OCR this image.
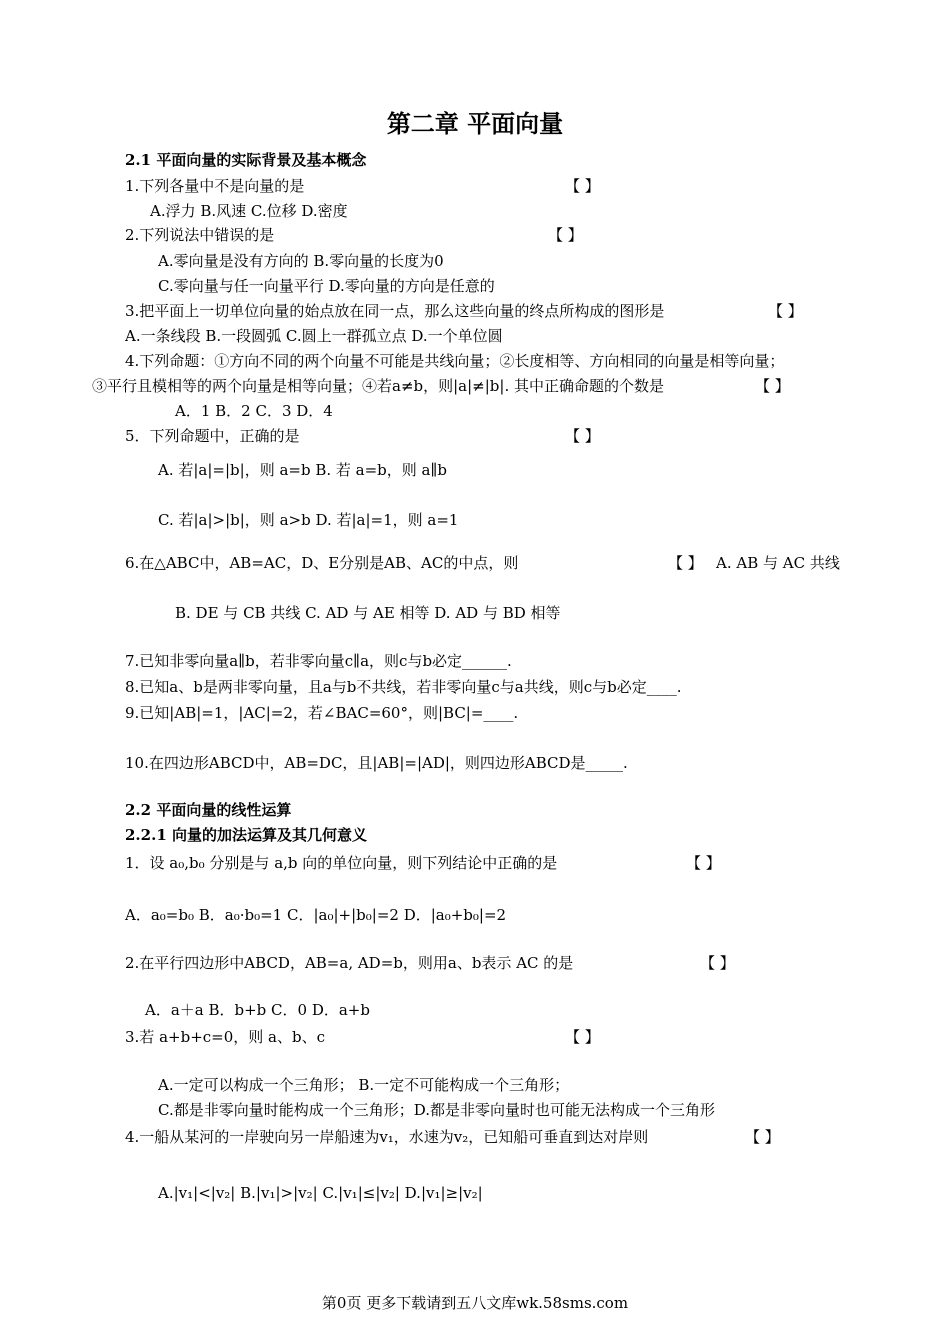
第二章 平面向量
2.1 平面向量的实际背景及基本概念
1.下列各量中不是向量的是	【 】
A.浮力 B.风速 C.位移 D.密度
2.下列说法中错误的是	【 】
A.零向量是没有方向的 B.零向量的长度为0
C.零向量与任一向量平行 D.零向量的方向是任意的
3.把平面上一切单位向量的始点放在同一点，那么这些向量的终点所构成的图形是	【 】
A.一条线段 B.一段圆弧 C.圆上一群孤立点 D.一个单位圆
4.下列命题：①方向不同的两个向量不可能是共线向量；②长度相等、方向相同的向量是相等向量；
③平行且模相等的两个向量是相等向量；④若a≠b，则|a|≠|b|. 其中正确命题的个数是	【 】
A．1 B．2 C．3 D．4
5．下列命题中，正确的是	【 】
A. 若|a|=|b|，则 a=b B. 若 a=b，则 a∥b
C. 若|a|>|b|，则 a>b D. 若|a|=1，则 a=1
6.在△ABC中，AB=AC，D、E分别是AB、AC的中点，则	【 】 A. AB 与 AC 共线
B. DE 与 CB 共线 C. AD 与 AE 相等 D. AD 与 BD 相等
7.已知非零向量a∥b，若非零向量c∥a，则c与b必定______.
8.已知a、b是两非零向量，且a与b不共线，若非零向量c与a共线，则c与b必定____.
9.已知|AB|=1，|AC|=2，若∠BAC=60°，则|BC|=____.
10.在四边形ABCD中，AB=DC，且|AB|=|AD|，则四边形ABCD是_____.
2.2 平面向量的线性运算
2.2.1 向量的加法运算及其几何意义
1．设 a₀,b₀ 分别是与 a,b 向的单位向量，则下列结论中正确的是	【 】
A．a₀=b₀ B．a₀·b₀=1 C．|a₀|+|b₀|=2 D．|a₀+b₀|=2
2.在平行四边形中ABCD，AB=a, AD=b，则用a、b表示 AC 的是	【 】
A．a＋a B．b+b C．0 D．a+b
3.若 a+b+c=0，则 a、b、c	【 】
A.一定可以构成一个三角形； B.一定不可能构成一个三角形；
C.都是非零向量时能构成一个三角形；D.都是非零向量时也可能无法构成一个三角形
4.一船从某河的一岸驶向另一岸船速为v₁，水速为v₂，已知船可垂直到达对岸则	【 】
A.|v₁|<|v₂| B.|v₁|>|v₂| C.|v₁|≤|v₂| D.|v₁|≥|v₂|
第0页 更多下载请到五八文库wk.58sms.com
